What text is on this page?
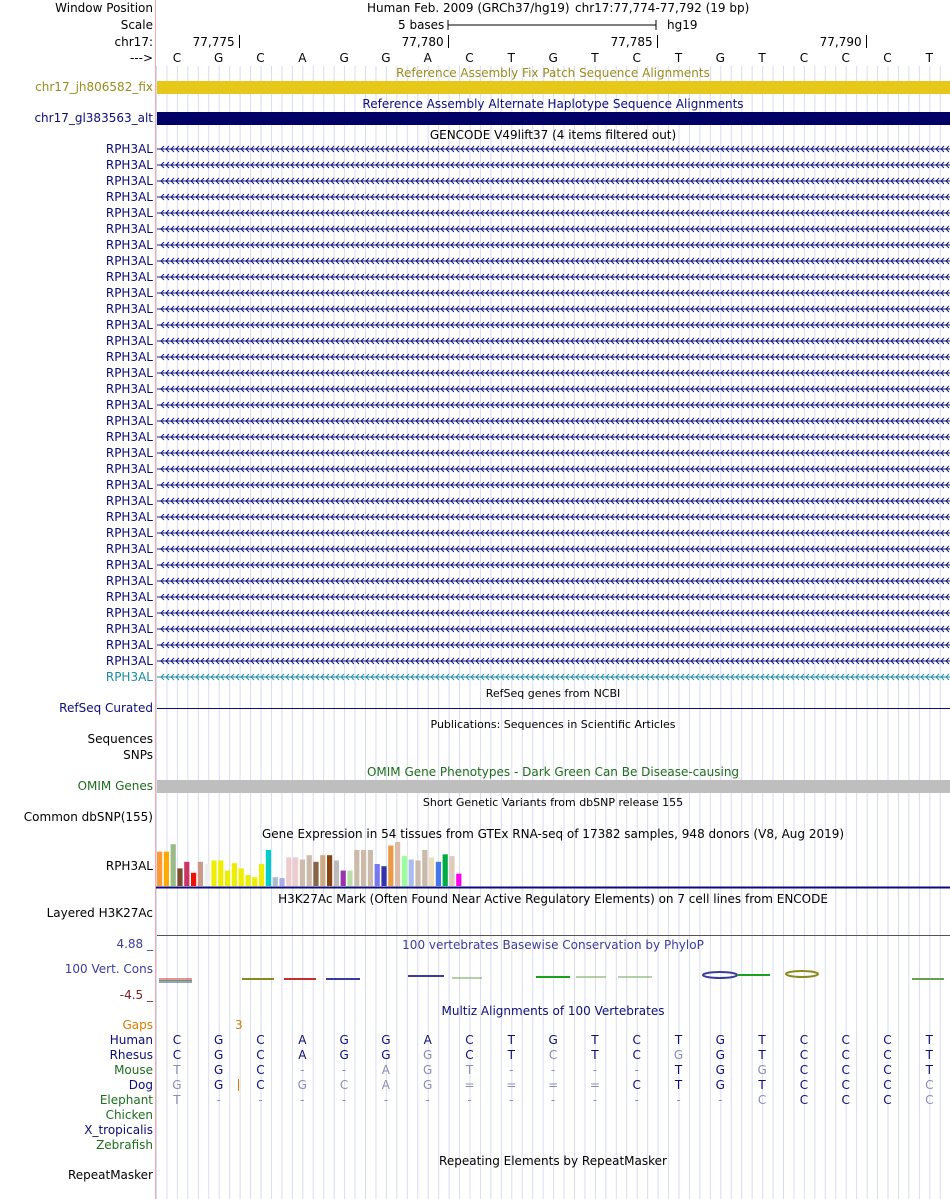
Window Position	Human Feb. 2009 (GRCh37/hg19) chr17:77,774-77,792 (19 bp)
Scale	5 bases	hg19
chr17:	77,775	77,780	77,785	77,790
--->	C	G	C	A	G	G	A	C	T	G	T	C	T	G	T	C	C	C	T
Reference Assembly Fix Patch Sequence Alignments
chr17_jh806582_fix
Reference Assembly Alternate Haplotype Sequence Alignments
chr17_gl383563_alt
GENCODE V49lift37 (4 items filtered out)
RPH3AL
RPH3AL
RPH3AL
RPH3AL
RPH3AL
RPH3AL
RPH3AL
RPH3AL
RPH3AL
RPH3AL
RPH3AL
RPH3AL
RPH3AL
RPH3AL
RPH3AL
RPH3AL
RPH3AL
RPH3AL
RPH3AL
RPH3AL
RPH3AL
RPH3AL
RPH3AL
RPH3AL
RPH3AL
RPH3AL
RPH3AL
RPH3AL
RPH3AL
RPH3AL
RPH3AL
RPH3AL
RPH3AL
RPH3AL
RefSeq genes from NCBI
RefSeq Curated
Publications: Sequences in Scientific Articles
Sequences
SNPs
OMIM Gene Phenotypes - Dark Green Can Be Disease-causing
OMIM Genes
Short Genetic Variants from dbSNP release 155
Common dbSNP(155)
Gene Expression in 54 tissues from GTEx RNA-seq of 17382 samples, 948 donors (V8, Aug 2019)
RPH3AL
H3K27Ac Mark (Often Found Near Active Regulatory Elements) on 7 cell lines from ENCODE
Layered H3K27Ac
100 vertebrates Basewise Conservation by PhyloP
4.88 _
100 Vert. Cons
-4.5 _
Multiz Alignments of 100 Vertebrates
Gaps	3
Human	C	G	C	A	G	G	A	C	T	G	T	C	T	G	T	C	C	C	T
Rhesus	C	G	C	A	G	G	G	C	T	C	T	C	G	G	T	C	C	C	T
Mouse	T	G	C	-	-	A	G	T	-	-	-	-	T	G	G	C	C	C	T
Dog	G	G	C	G	C	A	G	=	=	=	=	C	T	G	T	C	C	C	C
Elephant	T	-	-	-	-	-	-	-	-	-	-	-	-	-	C	C	C	C	C
Chicken
X_tropicalis
Zebrafish
Repeating Elements by RepeatMasker
RepeatMasker
